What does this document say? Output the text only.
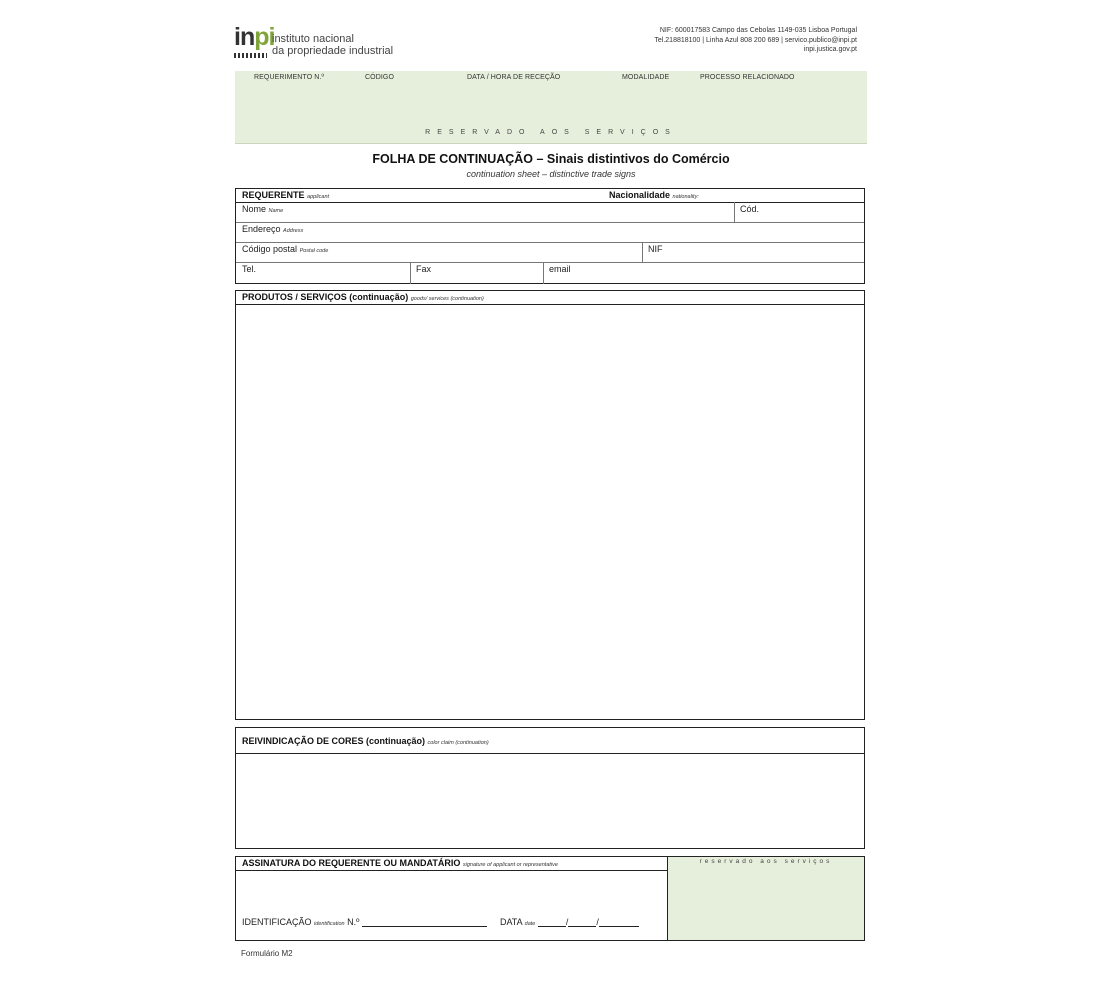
inpi
instituto nacional
da propriedade industrial
NIF: 600017583 Campo das Cebolas 1149-035 Lisboa Portugal
Tel.218818100 | Linha Azul 808 200 689 | servico.publico@inpi.pt
inpi.justica.gov.pt
REQUERIMENTO N.º	CÓDIGO	DATA / HORA DE RECEÇÃO	MODALIDADE	PROCESSO RELACIONADO
RESERVADO AOS SERVIÇOS
FOLHA DE CONTINUAÇÃO – Sinais distintivos do Comércio
continuation sheet – distinctive trade signs
REQUERENTE applicant	Nacionalidade nationality:
Nome Name	Cód.
Endereço Address
Código postal Postal code	NIF
Tel.	Fax	email
PRODUTOS / SERVIÇOS (continuação) goods/ services (continuation)
REIVINDICAÇÃO DE CORES (continuação) color claim (continuation)
ASSINATURA DO REQUERENTE OU MANDATÁRIO signature of applicant or representative	reservado aos serviços
IDENTIFICAÇÃO identification N.º	DATA date	/	/
Formulário M2
